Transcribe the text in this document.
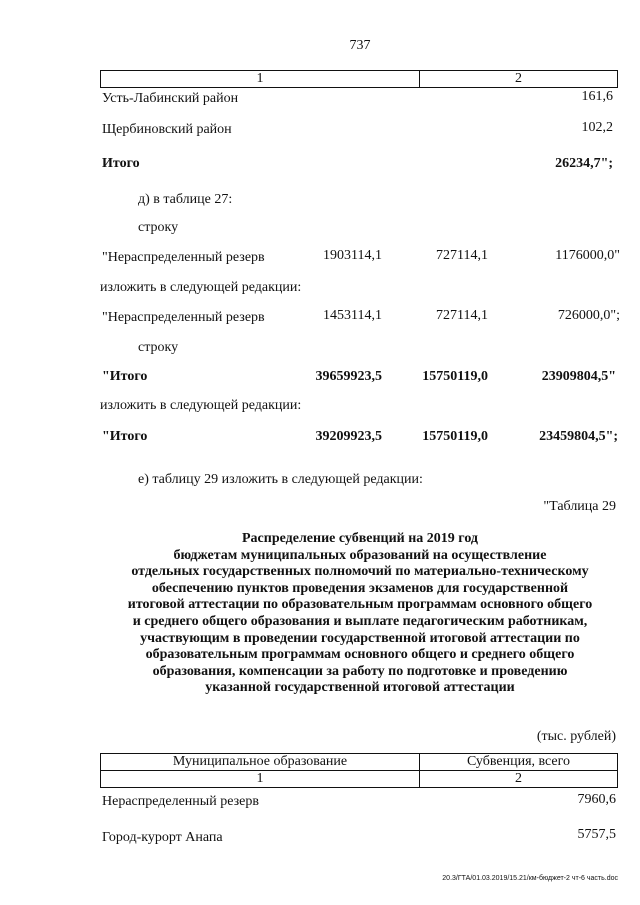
737
1	2
Усть-Лабинский район	161,6
Щербиновский район	102,2
Итого	26234,7";
д) в таблице 27:
строку
"Нераспределенный резерв	1903114,1	727114,1	1176000,0"
изложить в следующей редакции:
"Нераспределенный резерв	1453114,1	727114,1	726000,0";
строку
"Итого	39659923,5	15750119,0	23909804,5"
изложить в следующей редакции:
"Итого	39209923,5	15750119,0	23459804,5";
е) таблицу 29 изложить в следующей редакции:
"Таблица 29
Распределение субвенций на 2019 год
бюджетам муниципальных образований на осуществление
отдельных государственных полномочий по материально-техническому
обеспечению пунктов проведения экзаменов для государственной
итоговой аттестации по образовательным программам основного общего
и среднего общего образования и выплате педагогическим работникам,
участвующим в проведении государственной итоговой аттестации по
образовательным программам основного общего и среднего общего
образования, компенсации за работу по подготовке и проведению
указанной государственной итоговой аттестации
(тыс. рублей)
Муниципальное образование	Субвенция, всего
1	2
Нераспределенный резерв	7960,6
Город-курорт Анапа	5757,5
20.3/ГТА/01.03.2019/15.21/км-бюджет-2 чт-6 часть.doc
